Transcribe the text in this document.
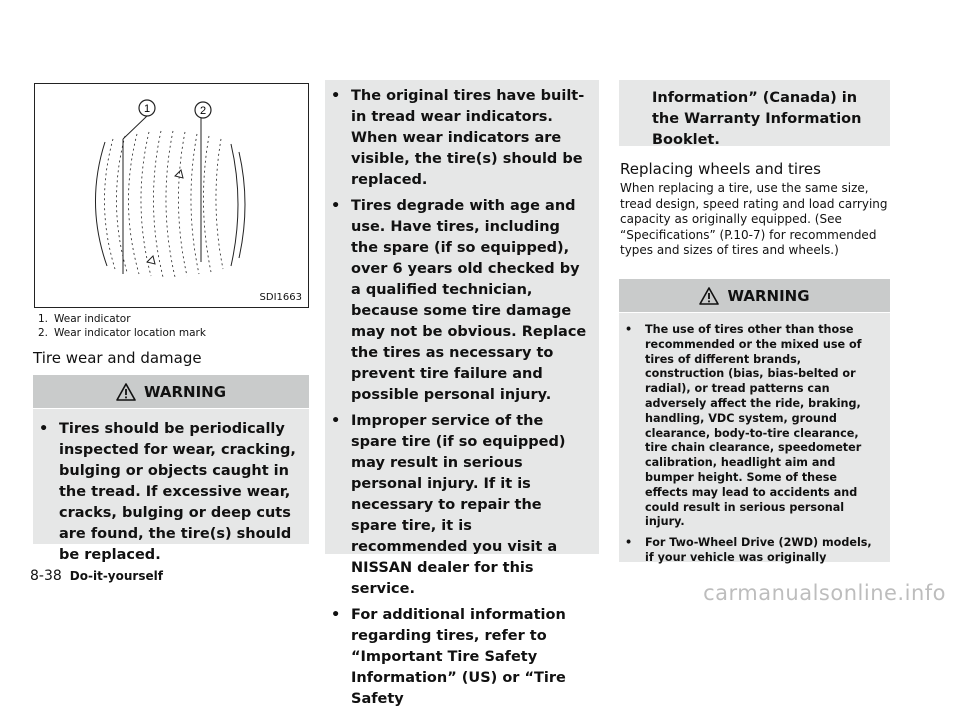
1	2
SDI1663
1. Wear indicator
2. Wear indicator location mark
Tire wear and damage
WARNING
• Tires should be periodically inspected for wear, cracking, bulging or objects caught in the tread. If excessive wear, cracks, bulging or deep cuts are found, the tire(s) should be replaced.
• The original tires have built-in tread wear indicators. When wear indicators are visible, the tire(s) should be replaced.
• Tires degrade with age and use. Have tires, including the spare (if so equipped), over 6 years old checked by a qualified technician, because some tire damage may not be obvious. Replace the tires as necessary to prevent tire failure and possible personal injury.
• Improper service of the spare tire (if so equipped) may result in serious personal injury. If it is necessary to repair the spare tire, it is recommended you visit a NISSAN dealer for this service.
• For additional information regarding tires, refer to “Important Tire Safety Information” (US) or “Tire Safety
Information” (Canada) in the Warranty Information Booklet.
Replacing wheels and tires
When replacing a tire, use the same size, tread design, speed rating and load carrying capacity as originally equipped. (See “Specifications” (P.10-7) for recommended types and sizes of tires and wheels.)
WARNING
• The use of tires other than those recommended or the mixed use of tires of different brands, construction (bias, bias-belted or radial), or tread patterns can adversely affect the ride, braking, handling, VDC system, ground clearance, body-to-tire clearance, tire chain clearance, speedometer calibration, headlight aim and bumper height. Some of these effects may lead to accidents and could result in serious personal injury.
• For Two-Wheel Drive (2WD) models, if your vehicle was originally
8-38 Do-it-yourself
carmanualsonline.info
